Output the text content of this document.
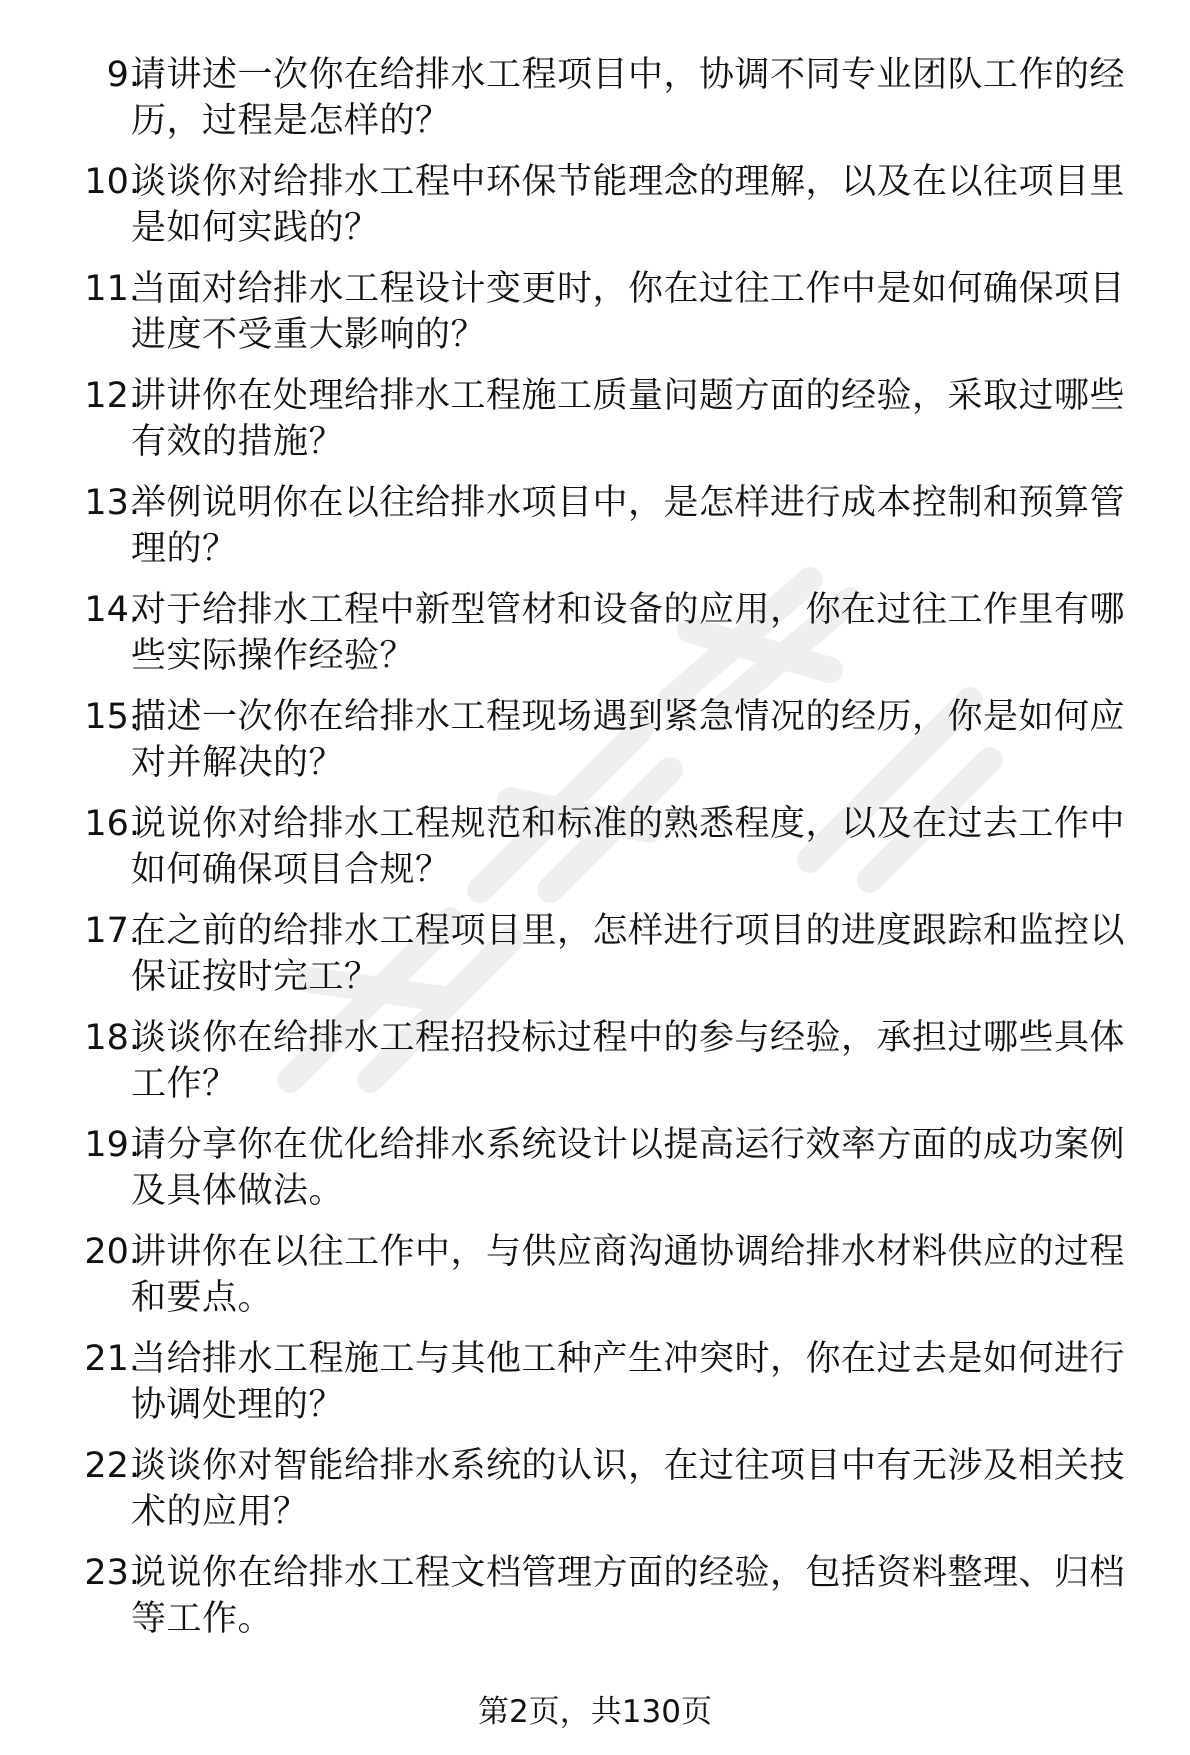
9.
请讲述一次你在给排水工程项目中，协调不同专业团队工作的经历，过程是怎样的？
10.
谈谈你对给排水工程中环保节能理念的理解，以及在以往项目里是如何实践的？
11.
当面对给排水工程设计变更时，你在过往工作中是如何确保项目进度不受重大影响的？
12.
讲讲你在处理给排水工程施工质量问题方面的经验，采取过哪些有效的措施？
13.
举例说明你在以往给排水项目中，是怎样进行成本控制和预算管理的？
14.
对于给排水工程中新型管材和设备的应用，你在过往工作里有哪些实际操作经验？
15.
描述一次你在给排水工程现场遇到紧急情况的经历，你是如何应对并解决的？
16.
说说你对给排水工程规范和标准的熟悉程度，以及在过去工作中如何确保项目合规？
17.
在之前的给排水工程项目里，怎样进行项目的进度跟踪和监控以保证按时完工？
18.
谈谈你在给排水工程招投标过程中的参与经验，承担过哪些具体工作？
19.
请分享你在优化给排水系统设计以提高运行效率方面的成功案例及具体做法。
20.
讲讲你在以往工作中，与供应商沟通协调给排水材料供应的过程和要点。
21.
当给排水工程施工与其他工种产生冲突时，你在过去是如何进行协调处理的？
22.
谈谈你对智能给排水系统的认识，在过往项目中有无涉及相关技术的应用？
23.
说说你在给排水工程文档管理方面的经验，包括资料整理、归档等工作。
第2页，共130页
